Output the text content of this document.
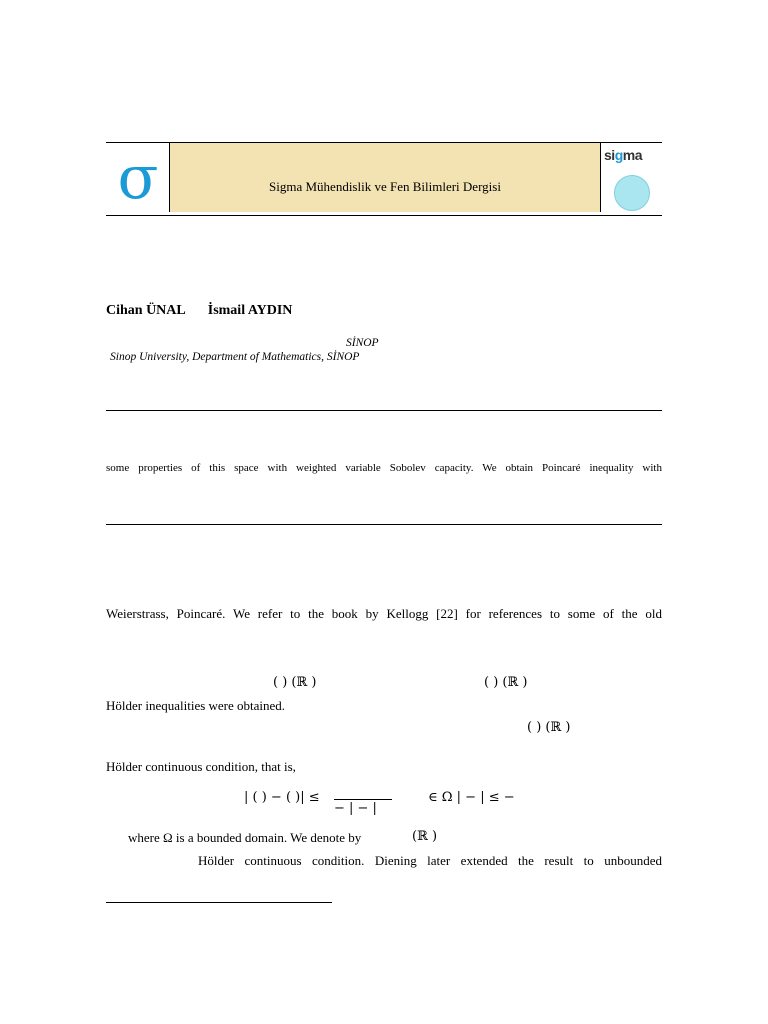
σ	Sigma Mühendislik ve Fen Bilimleri Dergisi
sigma
Cihan ÜNAL İsmail AYDIN
SİNOP
Sinop University, Department of Mathematics, SİNOP
some properties of this space with weighted variable Sobolev capacity. We obtain Poincaré inequality with
Weierstrass, Poincaré. We refer to the book by Kellogg [22] for references to some of the old
( ) (ℝ )	( ) (ℝ )
Hölder inequalities were obtained.
( ) (ℝ )
Hölder continuous condition, that is,
| ( ) − ( )| ≤
− | − |
∈ Ω | − | ≤ −
where Ω is a bounded domain. We denote by	(ℝ )
Hölder continuous condition. Diening later extended the result to unbounded
